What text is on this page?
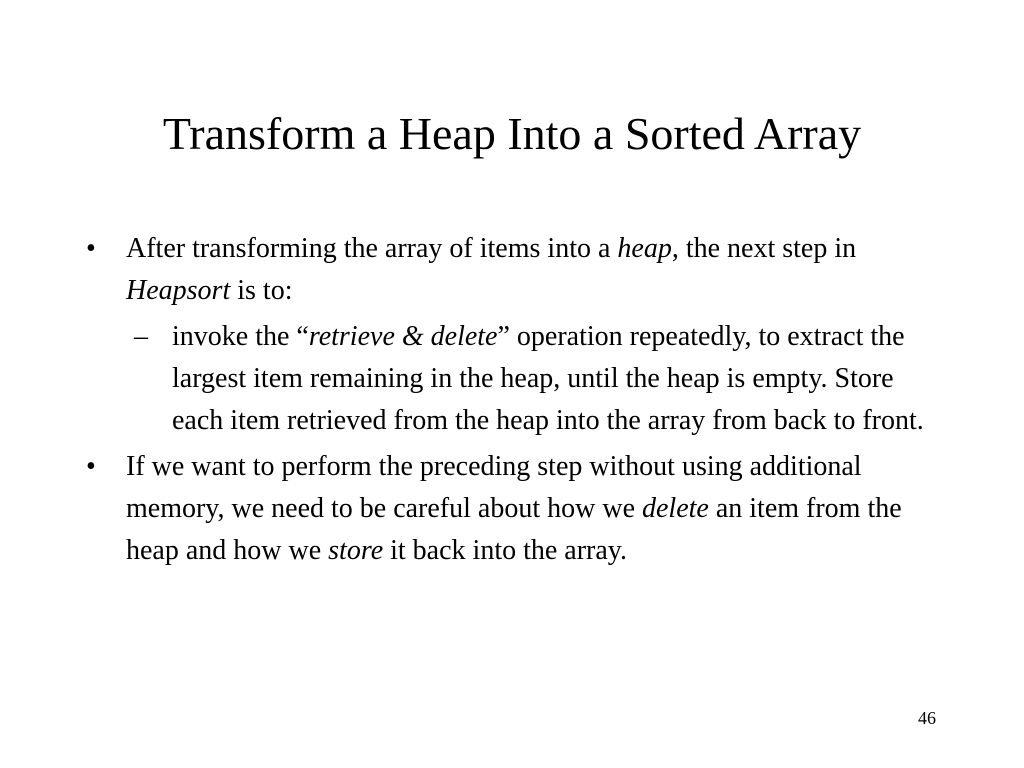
Transform a Heap Into a Sorted Array
•	After transforming the array of items into a heap, the next step in Heapsort is to:
– invoke the “retrieve & delete” operation repeatedly, to extract the largest item remaining in the heap, until the heap is empty. Store each item retrieved from the heap into the array from back to front.
•	If we want to perform the preceding step without using additional memory, we need to be careful about how we delete an item from the heap and how we store it back into the array.
46
